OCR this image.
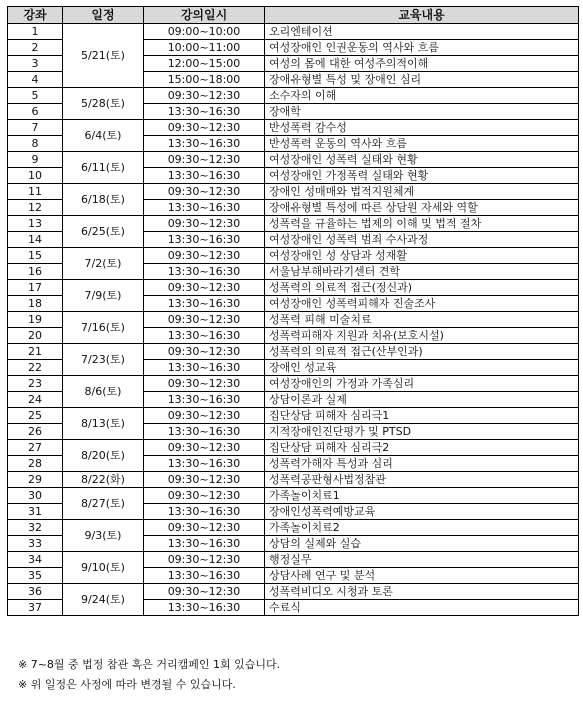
강좌	일정	강의일시	교육내용
1	5/21(토)	09:00~10:00	오리엔테이션
2		10:00~11:00	여성장애인 인권운동의 역사와 흐름
3		12:00~15:00	여성의 몸에 대한 여성주의적이해
4		15:00~18:00	장애유형별 특성 및 장애인 심리
5	5/28(토)	09:30~12:30	소수자의 이해
6		13:30~16:30	장애학
7	6/4(토)	09:30~12:30	반성폭력 감수성
8		13:30~16:30	반성폭력 운동의 역사와 흐름
9	6/11(토)	09:30~12:30	여성장애인 성폭력 실태와 현황
10		13:30~16:30	여성장애인 가정폭력 실태와 현황
11	6/18(토)	09:30~12:30	장애인 성매매와 법적지원체계
12		13:30~16:30	장애유형별 특성에 따른 상담원 자세와 역할
13	6/25(토)	09:30~12:30	성폭력을 규율하는 법제의 이해 및 법적 절차
14		13:30~16:30	여성장애인 성폭력 범죄 수사과정
15	7/2(토)	09:30~12:30	여성장애인 성 상담과 성재활
16		13:30~16:30	서울남부해바라기센터 견학
17	7/9(토)	09:30~12:30	성폭력의 의료적 접근(정신과)
18		13:30~16:30	여성장애인 성폭력피해자 진술조사
19	7/16(토)	09:30~12:30	성폭력 피해 미술치료
20		13:30~16:30	성폭력피해자 지원과 치유(보호시설)
21	7/23(토)	09:30~12:30	성폭력의 의료적 접근(산부인과)
22		13:30~16:30	장애인 성교육
23	8/6(토)	09:30~12:30	여성장애인의 가정과 가족심리
24		13:30~16:30	상담이론과 실제
25	8/13(토)	09:30~12:30	집단상담 피해자 심리극1
26		13:30~16:30	지적장애인진단평가 및 PTSD
27	8/20(토)	09:30~12:30	집단상담 피해자 심리극2
28		13:30~16:30	성폭력가해자 특성과 심리
29	8/22(화)	09:30~12:30	성폭력공판형사법정참관
30	8/27(토)	09:30~12:30	가족놀이치료1
31		13:30~16:30	장애인성폭력예방교육
32	9/3(토)	09:30~12:30	가족놀이치료2
33		13:30~16:30	상담의 실제와 실습
34	9/10(토)	09:30~12:30	행정실무
35		13:30~16:30	상담사례 연구 및 분석
36	9/24(토)	09:30~12:30	성폭력비디오 시청과 토론
37		13:30~16:30	수료식
※ 7~8월 중 법정 참관 혹은 거리캠페인 1회 있습니다.
※ 위 일정은 사정에 따라 변경될 수 있습니다.
